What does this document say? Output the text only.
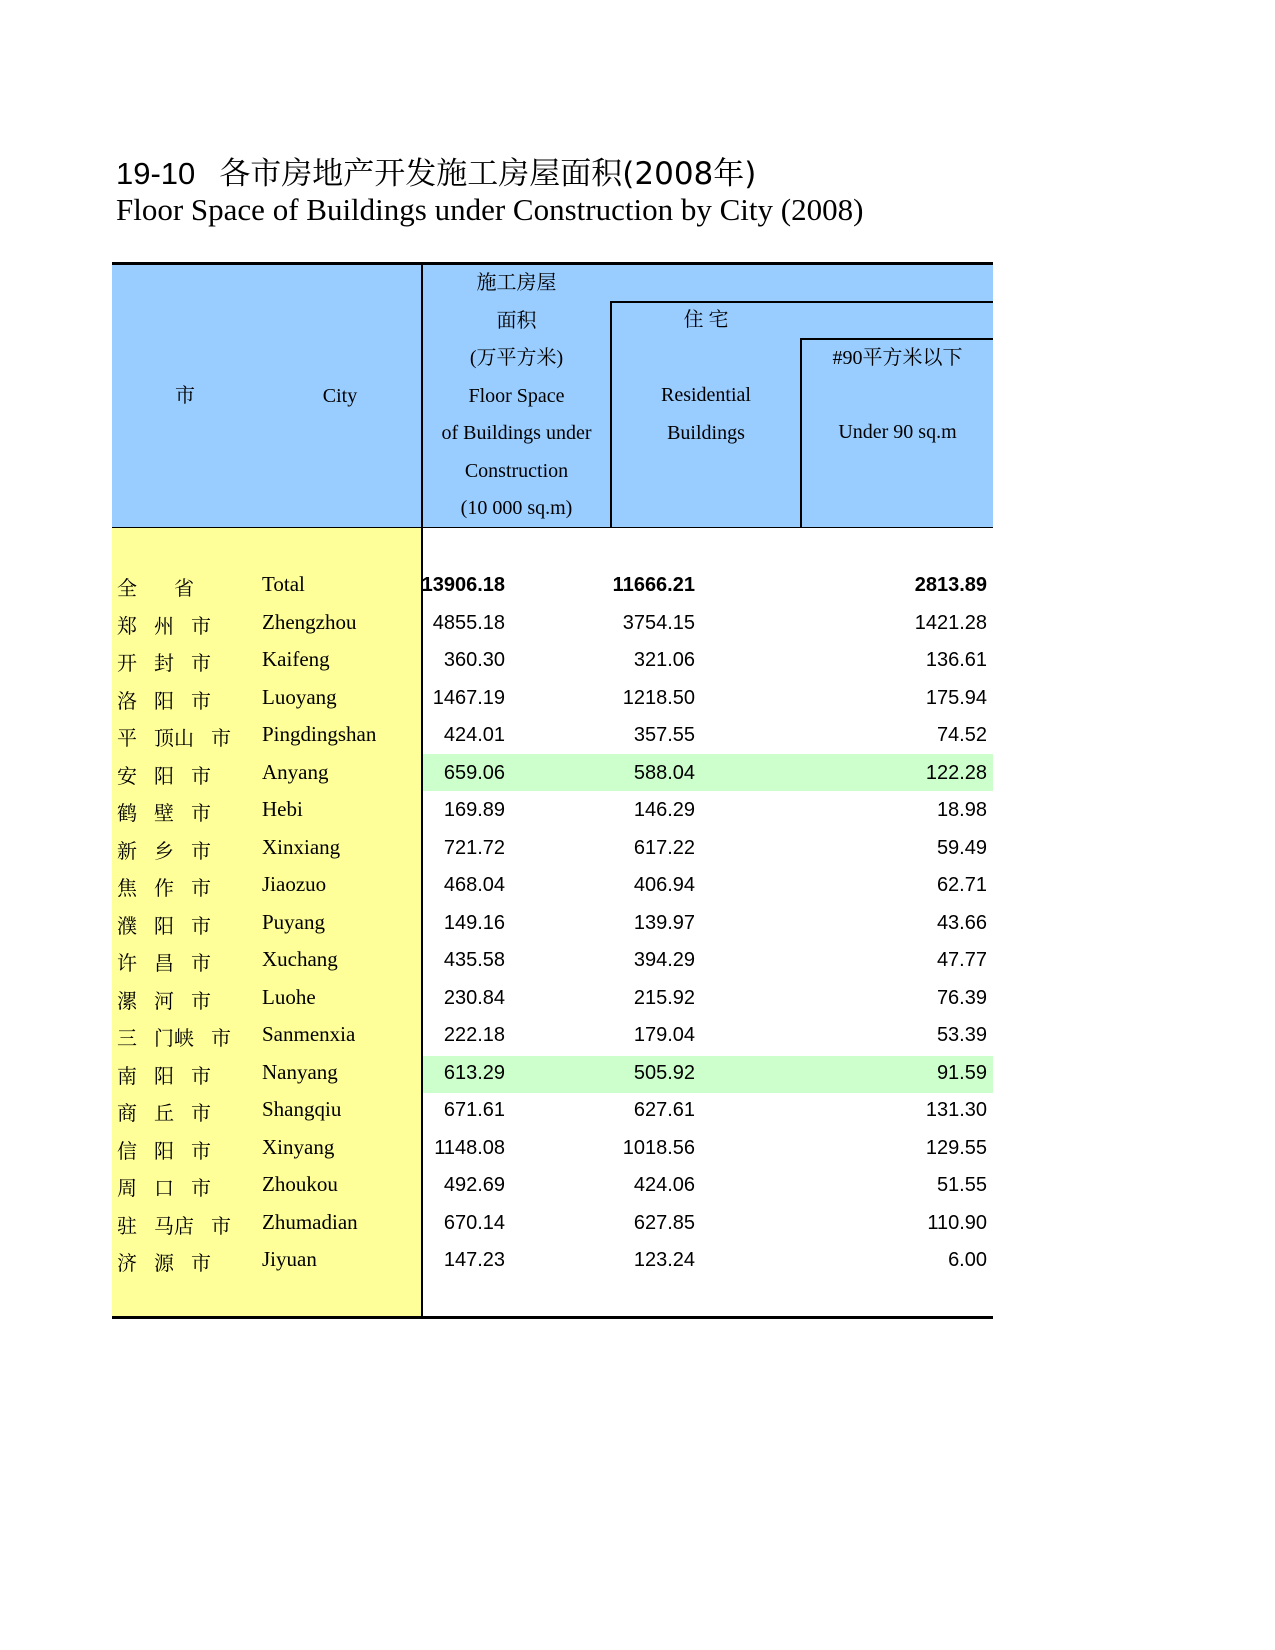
19-10 各市房地产开发施工房屋面积(2008年)
Floor Space of Buildings under Construction by City (2008)
市	City
施工房屋
面积
(万平方米)
Floor Space
of Buildings under
Construction
(10 000 sq.m)
住 宅
Residential
Buildings
#90平方米以下
Under 90 sq.m
全　 省	Total	13906.18	11666.21	2813.89
郑 州 市 Zhengzhou	4855.18	3754.15	1421.28
开 封 市 Kaifeng	360.30	321.06	136.61
洛 阳 市 Luoyang	1467.19	1218.50	175.94
平 顶山 市 Pingdingshan	424.01	357.55	74.52
安 阳 市 Anyang	659.06	588.04	122.28
鹤 壁 市 Hebi	169.89	146.29	18.98
新 乡 市 Xinxiang	721.72	617.22	59.49
焦 作 市 Jiaozuo	468.04	406.94	62.71
濮 阳 市 Puyang	149.16	139.97	43.66
许 昌 市 Xuchang	435.58	394.29	47.77
漯 河 市 Luohe	230.84	215.92	76.39
三 门峡 市 Sanmenxia	222.18	179.04	53.39
南 阳 市 Nanyang	613.29	505.92	91.59
商 丘 市 Shangqiu	671.61	627.61	131.30
信 阳 市 Xinyang	1148.08	1018.56	129.55
周 口 市 Zhoukou	492.69	424.06	51.55
驻 马店 市 Zhumadian	670.14	627.85	110.90
济 源 市 Jiyuan	147.23	123.24	6.00
